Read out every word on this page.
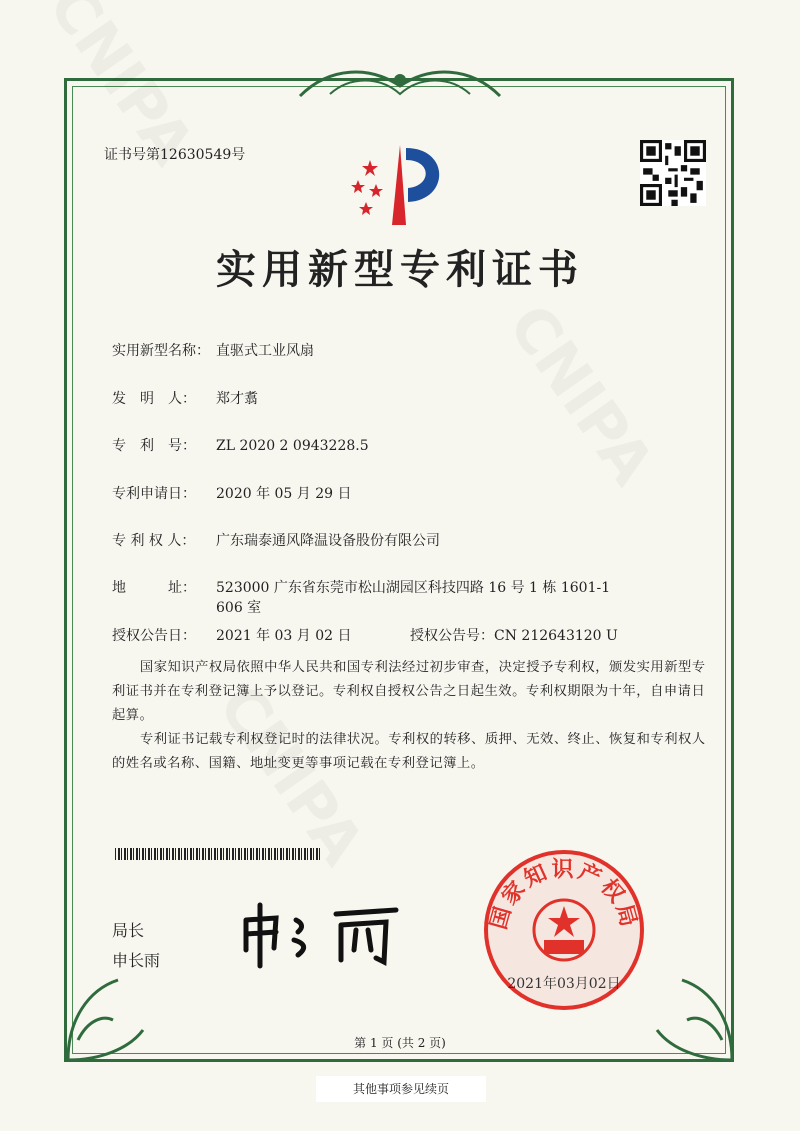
证书号第12630549号
实用新型专利证书
实用新型名称： 直驱式工业风扇
发　明　人： 郑才翥
专　利　号： ZL 2020 2 0943228.5
专利申请日： 2020 年 05 月 29 日
专 利 权 人： 广东瑞泰通风降温设备股份有限公司
地　　　址： 523000 广东省东莞市松山湖园区科技四路 16 号 1 栋 1601-1
606 室
授权公告日： 2021 年 03 月 02 日	授权公告号：CN 212643120 U

国家知识产权局依照中华人民共和国专利法经过初步审查，决定授予专利权，颁发实用新型专利证书并在专利登记簿上予以登记。专利权自授权公告之日起生效。专利权期限为十年，自申请日起算。

专利证书记载专利权登记时的法律状况。专利权的转移、质押、无效、终止、恢复和专利权人的姓名或名称、国籍、地址变更等事项记载在专利登记簿上。

局长
申长雨
国家知识产权局
2021年03月02日
第 1 页 (共 2 页)
其他事项参见续页
